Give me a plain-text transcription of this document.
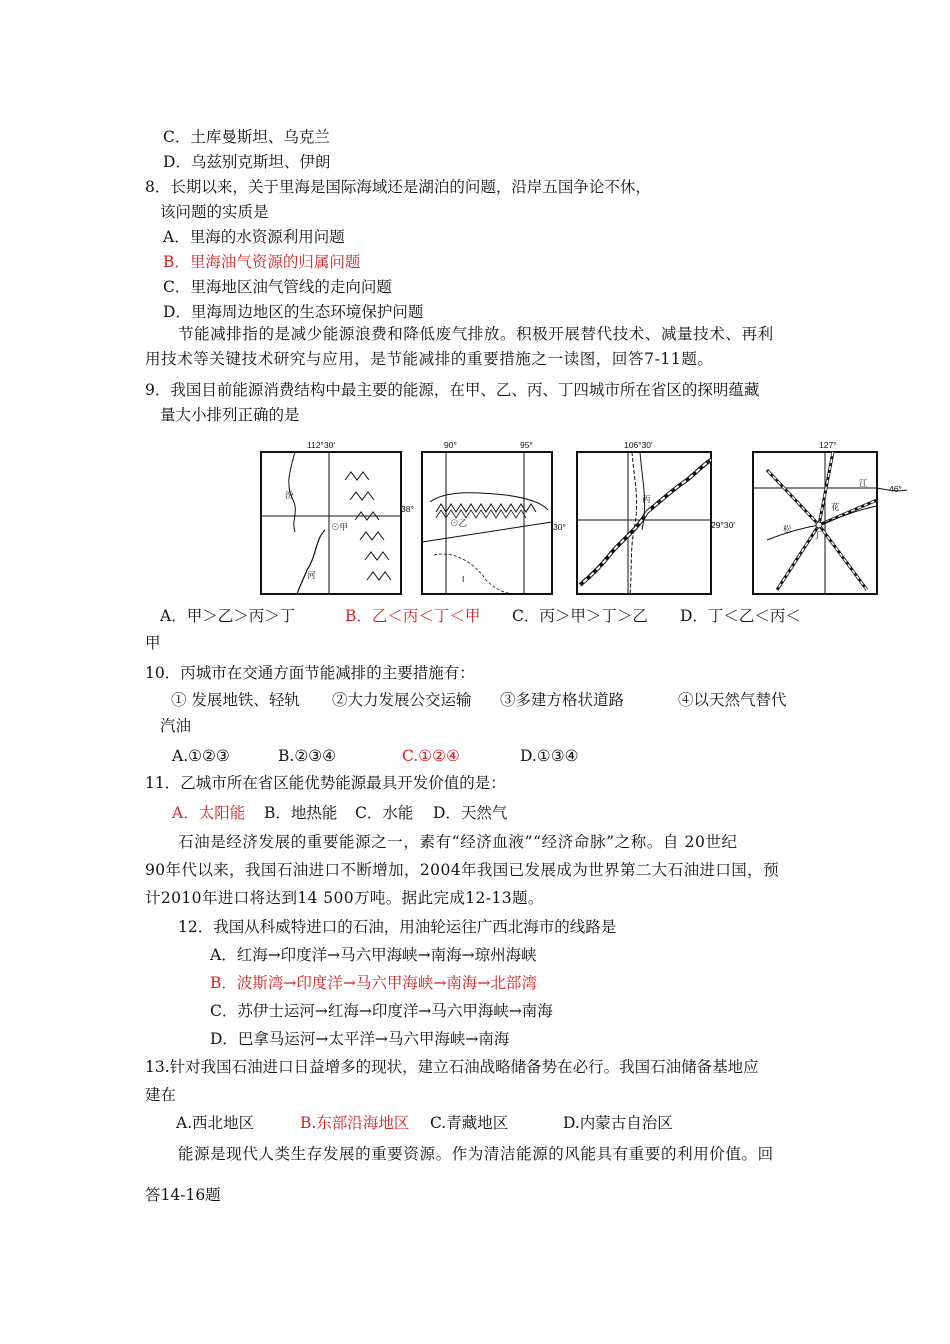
C．土库曼斯坦、乌克兰
D．乌兹别克斯坦、伊朗
8．长期以来，关于里海是国际海域还是湖泊的问题，沿岸五国争论不休，
该问题的实质是
A．里海的水资源利用问题
B．里海油气资源的归属问题
C．里海地区油气管线的走向问题
D．里海周边地区的生态环境保护问题
节能减排指的是减少能源浪费和降低废气排放。积极开展替代技术、减量技术、再利
用技术等关键技术研究与应用，是节能减排的重要措施之一读图，回答7-11题。
9．我国目前能源消费结构中最主要的能源，在甲、乙、丙、丁四城市所在省区的探明蕴藏
量大小排列正确的是
112°30′
38°
⊙甲
河
汾
90°	95°
30°
⊙乙
I
106°30′
29°30′
丙
127°
46°
丁
江
花
松
A．甲＞乙＞丙＞丁	B．乙＜丙＜丁＜甲 C．丙＞甲＞丁＞乙 D．丁＜乙＜丙＜
甲
10．丙城市在交通方面节能减排的主要措施有：
① 发展地铁、轻轨 ②大力发展公交运输 ③多建方格状道路	④以天然气替代
汽油
A.①②③	B.②③④	C.①②④	D.①③④
11．乙城市所在省区能优势能源最具开发价值的是：
A．太阳能 B．地热能 C．水能 D．天然气
石油是经济发展的重要能源之一，素有“经济血液”“经济命脉”之称。自 20世纪
90年代以来，我国石油进口不断增加，2004年我国已发展成为世界第二大石油进口国，预
计2010年进口将达到14 500万吨。据此完成12-13题。
12．我国从科威特进口的石油，用油轮运往广西北海市的线路是
A．红海→印度洋→马六甲海峡→南海→琼州海峡
B．波斯湾→印度洋→马六甲海峡→南海→北部湾
C．苏伊士运河→红海→印度洋→马六甲海峡→南海
D．巴拿马运河→太平洋→马六甲海峡→南海
13.针对我国石油进口日益增多的现状，建立石油战略储备势在必行。我国石油储备基地应
建在
A.西北地区	B.东部沿海地区 C.青藏地区	D.内蒙古自治区
能源是现代人类生存发展的重要资源。作为清洁能源的风能具有重要的利用价值。回
答14-16题
